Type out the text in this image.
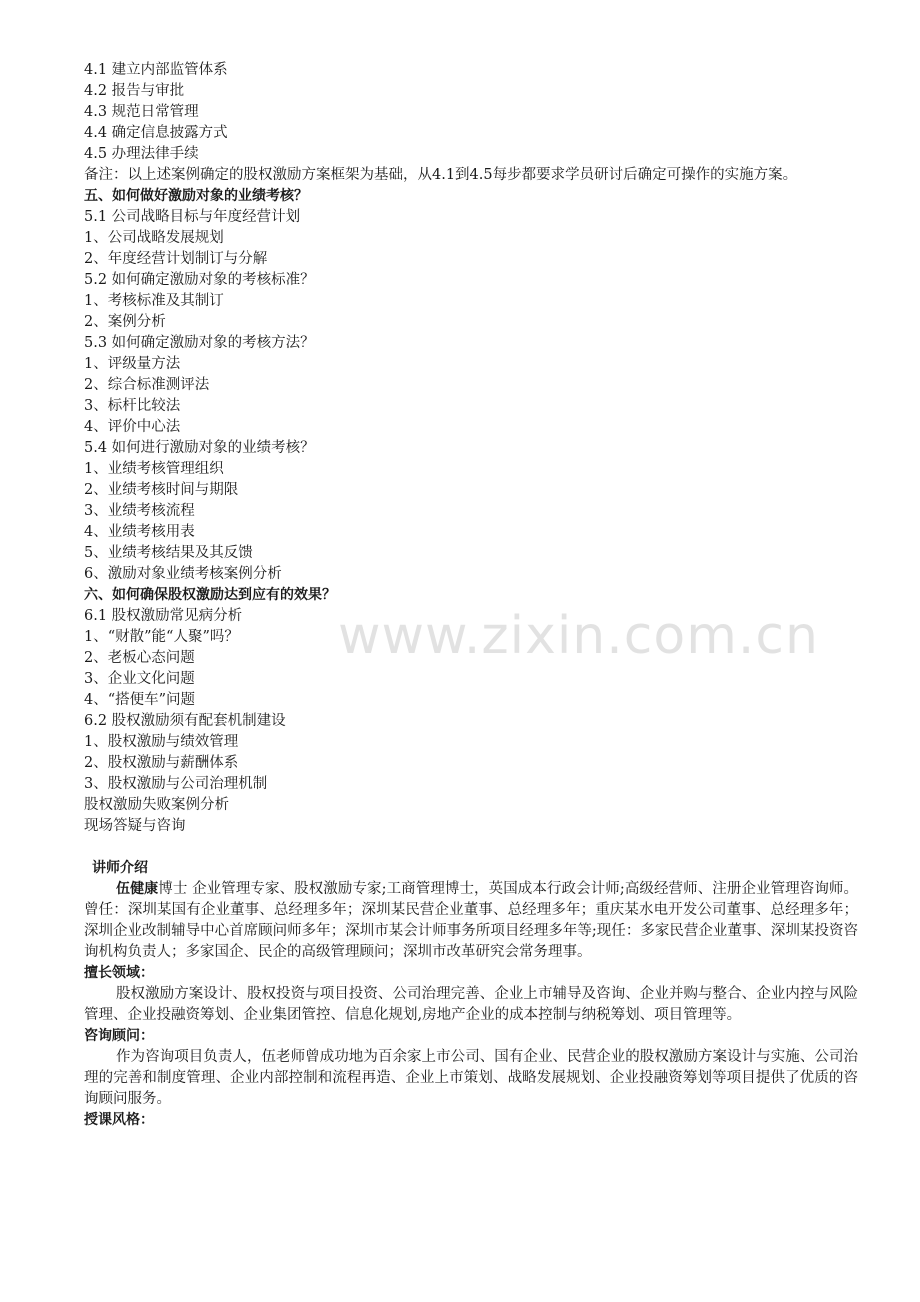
4.1 建立内部监管体系
4.2 报告与审批
4.3 规范日常管理
4.4 确定信息披露方式
4.5 办理法律手续
备注：以上述案例确定的股权激励方案框架为基础，从4.1到4.5每步都要求学员研讨后确定可操作的实施方案。
五、如何做好激励对象的业绩考核？
5.1 公司战略目标与年度经营计划
1、公司战略发展规划
2、年度经营计划制订与分解
5.2 如何确定激励对象的考核标准？
1、考核标准及其制订
2、案例分析
5.3 如何确定激励对象的考核方法？
1、评级量方法
2、综合标准测评法
3、标杆比较法
4、评价中心法
5.4 如何进行激励对象的业绩考核？
1、业绩考核管理组织
2、业绩考核时间与期限
3、业绩考核流程
4、业绩考核用表
5、业绩考核结果及其反馈
6、激励对象业绩考核案例分析
六、如何确保股权激励达到应有的效果？
6.1 股权激励常见病分析
1、“财散”能“人聚”吗？
2、老板心态问题
3、企业文化问题
4、“搭便车”问题
6.2 股权激励须有配套机制建设
1、股权激励与绩效管理
2、股权激励与薪酬体系
3、股权激励与公司治理机制
股权激励失败案例分析
现场答疑与咨询
讲师介绍

伍健康博士 企业管理专家、股权激励专家;工商管理博士，英国成本行政会计师;高级经营师、注册企业管理咨询师。曾任：深圳某国有企业董事、总经理多年；深圳某民营企业董事、总经理多年；重庆某水电开发公司董事、总经理多年；深圳企业改制辅导中心首席顾问师多年；深圳市某会计师事务所项目经理多年等;现任：多家民营企业董事、深圳某投资咨询机构负责人；多家国企、民企的高级管理顾问；深圳市改革研究会常务理事。

擅长领域：
股权激励方案设计、股权投资与项目投资、公司治理完善、企业上市辅导及咨询、企业并购与整合、企业内控与风险管理、企业投融资筹划、企业集团管控、信息化规划,房地产企业的成本控制与纳税筹划、项目管理等。
咨询顾问：
作为咨询项目负责人，伍老师曾成功地为百余家上市公司、国有企业、民营企业的股权激励方案设计与实施、公司治理的完善和制度管理、企业内部控制和流程再造、企业上市策划、战略发展规划、企业投融资筹划等项目提供了优质的咨询顾问服务。
授课风格：
www.zixin.com.cn
